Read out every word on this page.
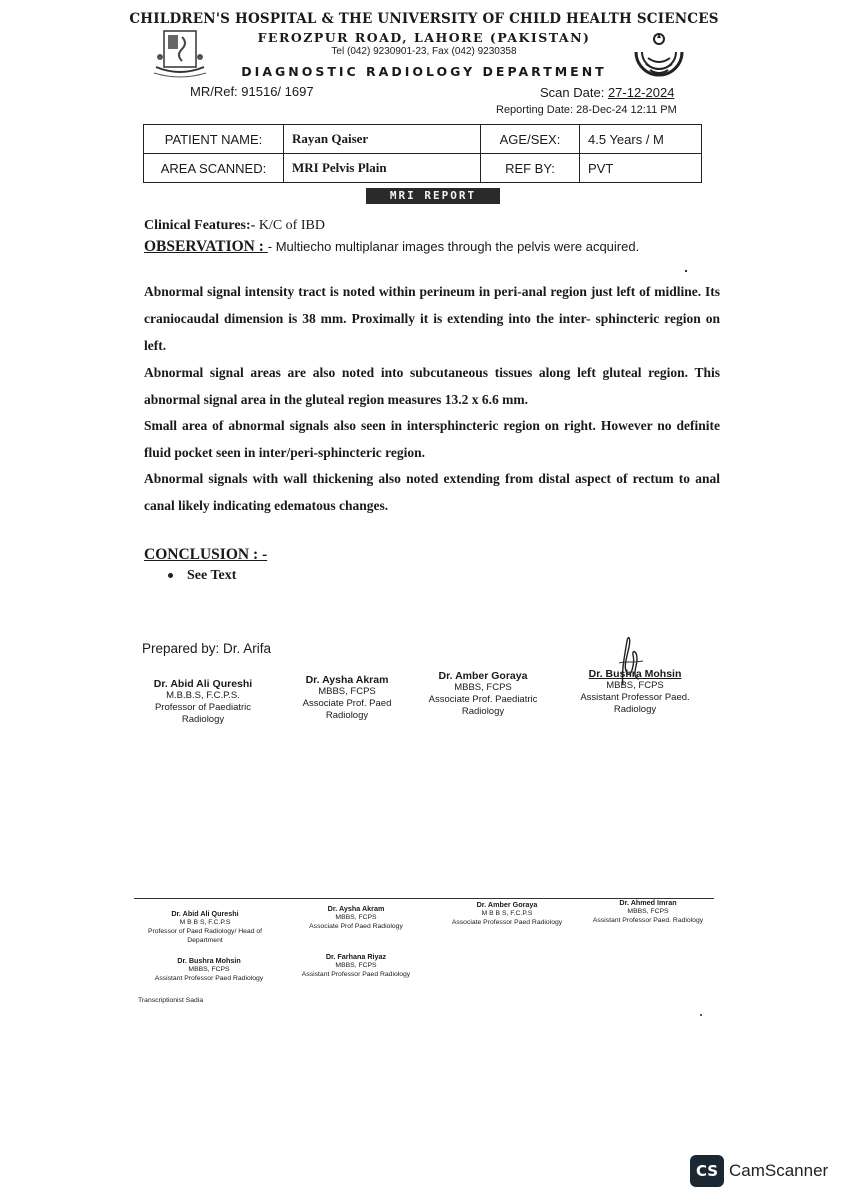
CHILDREN'S HOSPITAL & THE UNIVERSITY OF CHILD HEALTH SCIENCES
FEROZPUR ROAD, LAHORE (PAKISTAN)
Tel (042) 9230901-23, Fax (042) 9230358
DIAGNOSTIC RADIOLOGY DEPARTMENT
MR/Ref: 91516/ 1697	Scan Date: 27-12-2024
Reporting Date: 28-Dec-24 12:11 PM
PATIENT NAME:	Rayan Qaiser	AGE/SEX:	4.5 Years / M
AREA SCANNED:	MRI Pelvis Plain	REF BY:	PVT
MRI REPORT
Clinical Features:- K/C of IBD
OBSERVATION : - Multiecho multiplanar images through the pelvis were acquired.
Abnormal signal intensity tract is noted within perineum in peri-anal region just left of midline. Its craniocaudal dimension is 38 mm. Proximally it is extending into the inter- sphincteric region on left.
Abnormal signal areas are also noted into subcutaneous tissues along left gluteal region. This abnormal signal area in the gluteal region measures 13.2 x 6.6 mm.
Small area of abnormal signals also seen in intersphincteric region on right. However no definite fluid pocket seen in inter/peri-sphincteric region.
Abnormal signals with wall thickening also noted extending from distal aspect of rectum to anal canal likely indicating edematous changes.
CONCLUSION : -
See Text
Prepared by: Dr. Arifa
Dr. Abid Ali Qureshi
M.B.B.S, F.C.P.S.
Professor of Paediatric
Radiology
Dr. Aysha Akram
MBBS, FCPS
Associate Prof. Paed
Radiology
Dr. Amber Goraya
MBBS, FCPS
Associate Prof. Paediatric
Radiology
Dr. Bushra Mohsin
MBBS, FCPS
Assistant Professor Paed.
Radiology
Dr. Abid Ali Qureshi
M B B S, F.C.P.S
Professor of Paed Radiology/ Head of
Department
Dr. Aysha Akram
MBBS, FCPS
Associate Prof Paed Radiology
Dr. Amber Goraya
M B B S, F.C.P.S
Associate Professor Paed Radiology
Dr. Ahmed Imran
MBBS, FCPS
Assistant Professor Paed. Radiology
Dr. Bushra Mohsin
MBBS, FCPS
Assistant Professor Paed Radiology
Dr. Farhana Riyaz
MBBS, FCPS
Assistant Professor Paed Radiology
Transcriptionist Sadia
CS CamScanner
